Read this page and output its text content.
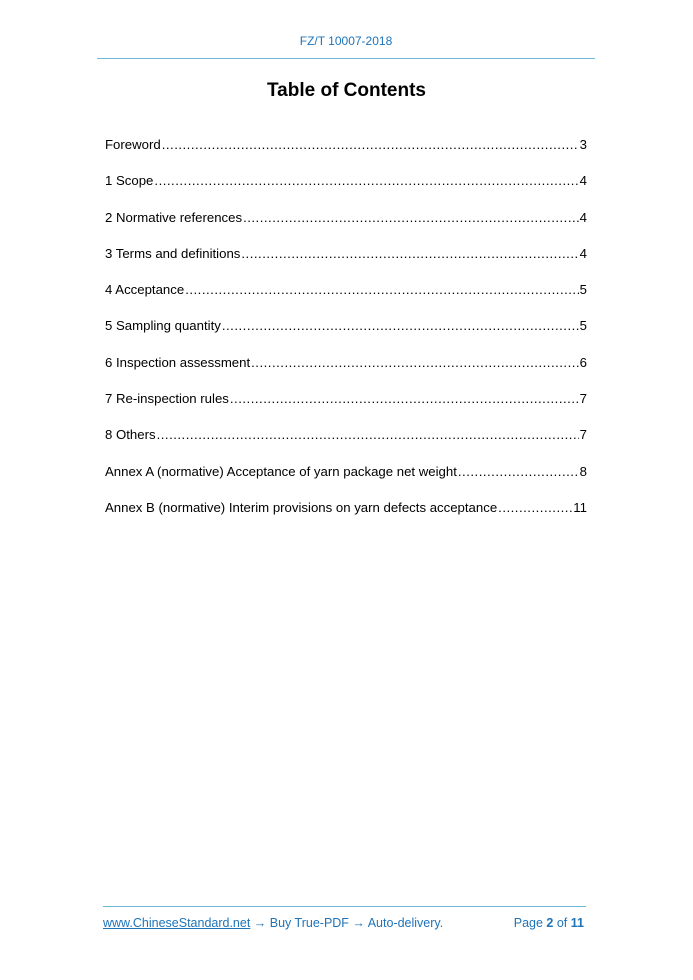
FZ/T 10007-2018
Table of Contents
Foreword .....	3
1 Scope .....	4
2 Normative references .....	4
3 Terms and definitions .....	4
4 Acceptance .....	5
5 Sampling quantity .....	5
6 Inspection assessment .....	6
7 Re-inspection rules .....	7
8 Others .....	7
Annex A (normative) Acceptance of yarn package net weight .....	8
Annex B (normative) Interim provisions on yarn defects acceptance .....	11
www.ChineseStandard.net → Buy True-PDF → Auto-delivery.	Page 2 of 11
